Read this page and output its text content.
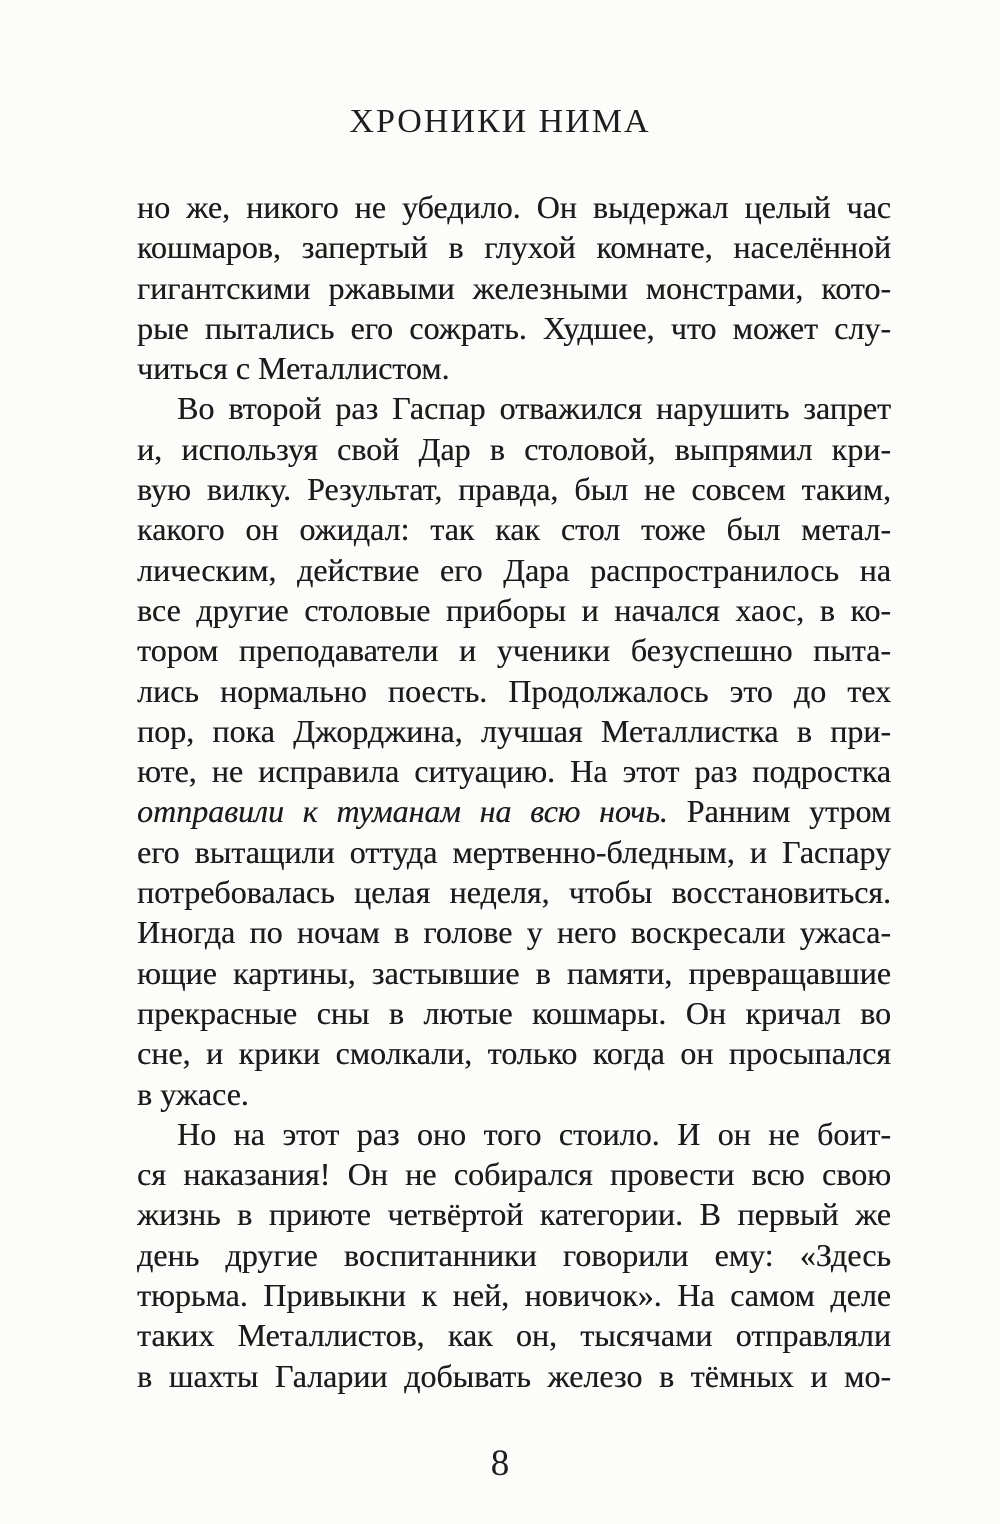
ХРОНИКИ НИМА
но же, никого не убедило. Он выдержал целый час
кошмаров, запертый в глухой комнате, населённой
гигантскими ржавыми железными монстрами, кото-
рые пытались его сожрать. Худшее, что может слу-
читься с Металлистом.
Во второй раз Гаспар отважился нарушить запрет
и, используя свой Дар в столовой, выпрямил кри-
вую вилку. Результат, правда, был не совсем таким,
какого он ожидал: так как стол тоже был метал-
лическим, действие его Дара распространилось на
все другие столовые приборы и начался хаос, в ко-
тором преподаватели и ученики безуспешно пыта-
лись нормально поесть. Продолжалось это до тех
пор, пока Джорджина, лучшая Металлистка в при-
юте, не исправила ситуацию. На этот раз подростка
отправили к туманам на всю ночь. Ранним утром
его вытащили оттуда мертвенно-бледным, и Гаспару
потребовалась целая неделя, чтобы восстановиться.
Иногда по ночам в голове у него воскресали ужаса-
ющие картины, застывшие в памяти, превращавшие
прекрасные сны в лютые кошмары. Он кричал во
сне, и крики смолкали, только когда он просыпался
в ужасе.
Но на этот раз оно того стоило. И он не боит-
ся наказания! Он не собирался провести всю свою
жизнь в приюте четвёртой категории. В первый же
день другие воспитанники говорили ему: «Здесь
тюрьма. Привыкни к ней, новичок». На самом деле
таких Металлистов, как он, тысячами отправляли
в шахты Галарии добывать железо в тёмных и мо-
8
